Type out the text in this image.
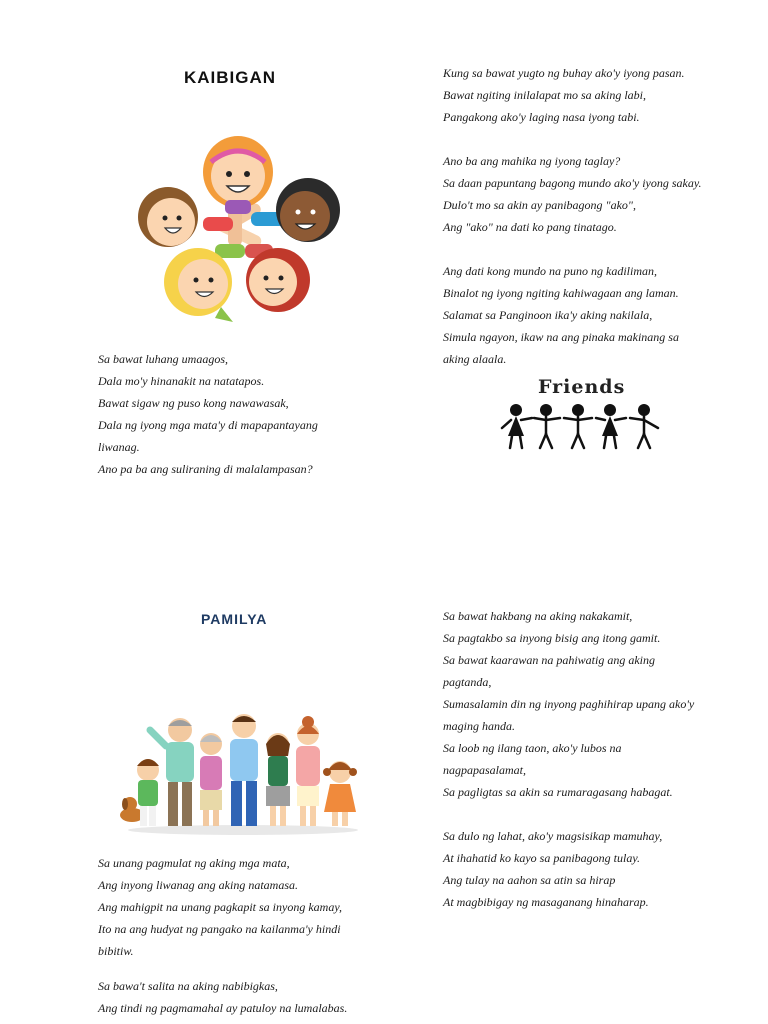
KAIBIGAN
PAMILYA
Friends
Sa bawat luhang umaagos,
Dala mo'y hinanakit na natatapos.
Bawat sigaw ng puso kong nawawasak,
Dala ng iyong mga mata'y di mapapantayang
liwanag.
Ano pa ba ang suliraning di malalampasan?
Kung sa bawat yugto ng buhay ako'y iyong pasan.
Bawat ngiting inilalapat mo sa aking labi,
Pangakong ako'y laging nasa iyong tabi.
Ano ba ang mahika ng iyong taglay?
Sa daan papuntang bagong mundo ako'y iyong sakay.
Dulo't mo sa akin ay panibagong "ako",
Ang "ako" na dati ko pang tinatago.
Ang dati kong mundo na puno ng kadiliman,
Binalot ng iyong ngiting kahiwagaan ang laman.
Salamat sa Panginoon ika'y aking nakilala,
Simula ngayon, ikaw na ang pinaka makinang sa
aking alaala.
Sa bawat hakbang na aking nakakamit,
Sa pagtakbo sa inyong bisig ang itong gamit.
Sa bawat kaarawan na pahiwatig ang aking
pagtanda,
Sumasalamin din ng inyong paghihirap upang ako'y
maging handa.
Sa loob ng ilang taon, ako'y lubos na
nagpapasalamat,
Sa pagligtas sa akin sa rumaragasang habagat.
Sa dulo ng lahat, ako'y magsisikap mamuhay,
At ihahatid ko kayo sa panibagong tulay.
Ang tulay na aahon sa atin sa hirap
At magbibigay ng masaganang hinaharap.
Sa unang pagmulat ng aking mga mata,
Ang inyong liwanag ang aking natamasa.
Ang mahigpit na unang pagkapit sa inyong kamay,
Ito na ang hudyat ng pangako na kailanma'y hindi
bibitiw.
Sa bawa't salita na aking nabibigkas,
Ang tindi ng pagmamahal ay patuloy na lumalabas.
